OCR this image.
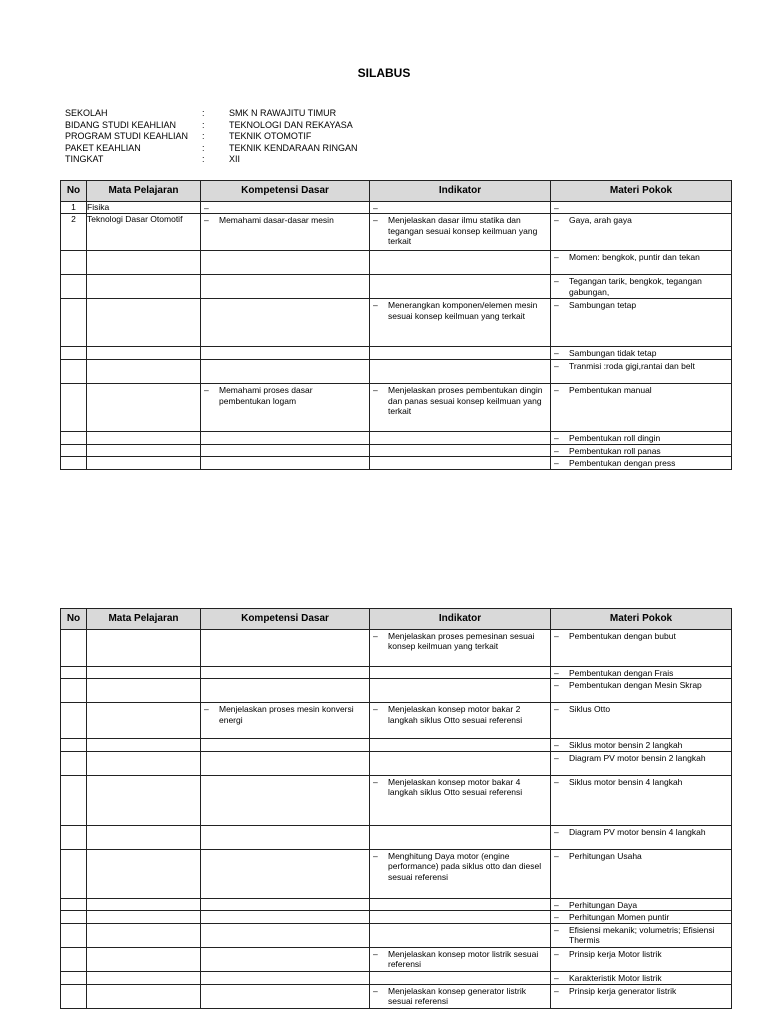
SILABUS
SEKOLAH	:	SMK N RAWAJITU TIMUR
BIDANG STUDI KEAHLIAN	:	TEKNOLOGI DAN REKAYASA
PROGRAM STUDI KEAHLIAN	:	TEKNIK OTOMOTIF
PAKET KEAHLIAN	:	TEKNIK KENDARAAN RINGAN
TINGKAT	:	XII
No	Mata Pelajaran	Kompetensi Dasar	Indikator	Materi Pokok
1	Fisika	–	–	–

2	Teknologi Dasar Otomotif	– Memahami dasar-dasar mesin	– Menjelaskan dasar ilmu statika dan tegangan sesuai konsep keilmuan yang terkait	– Gaya, arah gaya

				– Momen: bengkok, puntir dan tekan

				– Tegangan tarik, bengkok, tegangan gabungan,

			– Menerangkan komponen/elemen mesin sesuai konsep keilmuan yang terkait	– Sambungan tetap

				– Sambungan tidak tetap

				– Tranmisi :roda gigi,rantai dan belt

		– Memahami proses dasar pembentukan logam	– Menjelaskan proses pembentukan dingin dan panas sesuai konsep keilmuan yang terkait	– Pembentukan manual

				– Pembentukan roll dingin

				– Pembentukan roll panas

				– Pembentukan dengan press
No	Mata Pelajaran	Kompetensi Dasar	Indikator	Materi Pokok

			– Menjelaskan proses pemesinan sesuai konsep keilmuan yang terkait	– Pembentukan dengan bubut

				– Pembentukan dengan Frais

				– Pembentukan dengan Mesin Skrap

		– Menjelaskan proses mesin konversi energi	– Menjelaskan konsep motor bakar 2 langkah siklus Otto sesuai referensi	– Siklus Otto

				– Siklus motor bensin 2 langkah

				– Diagram PV motor bensin 2 langkah

			– Menjelaskan konsep motor bakar 4 langkah siklus Otto sesuai referensi	– Siklus motor bensin 4 langkah

				– Diagram PV motor bensin 4 langkah

			– Menghitung Daya motor (engine performance) pada siklus otto dan diesel sesuai referensi	– Perhitungan Usaha

				– Perhitungan Daya

				– Perhitungan Momen puntir

				– Efisiensi mekanik; volumetris; Efisiensi Thermis

			– Menjelaskan konsep motor listrik sesuai referensi	– Prinsip kerja Motor listrik

				– Karakteristik Motor listrik

			– Menjelaskan konsep generator listrik sesuai referensi	– Prinsip kerja generator listrik
